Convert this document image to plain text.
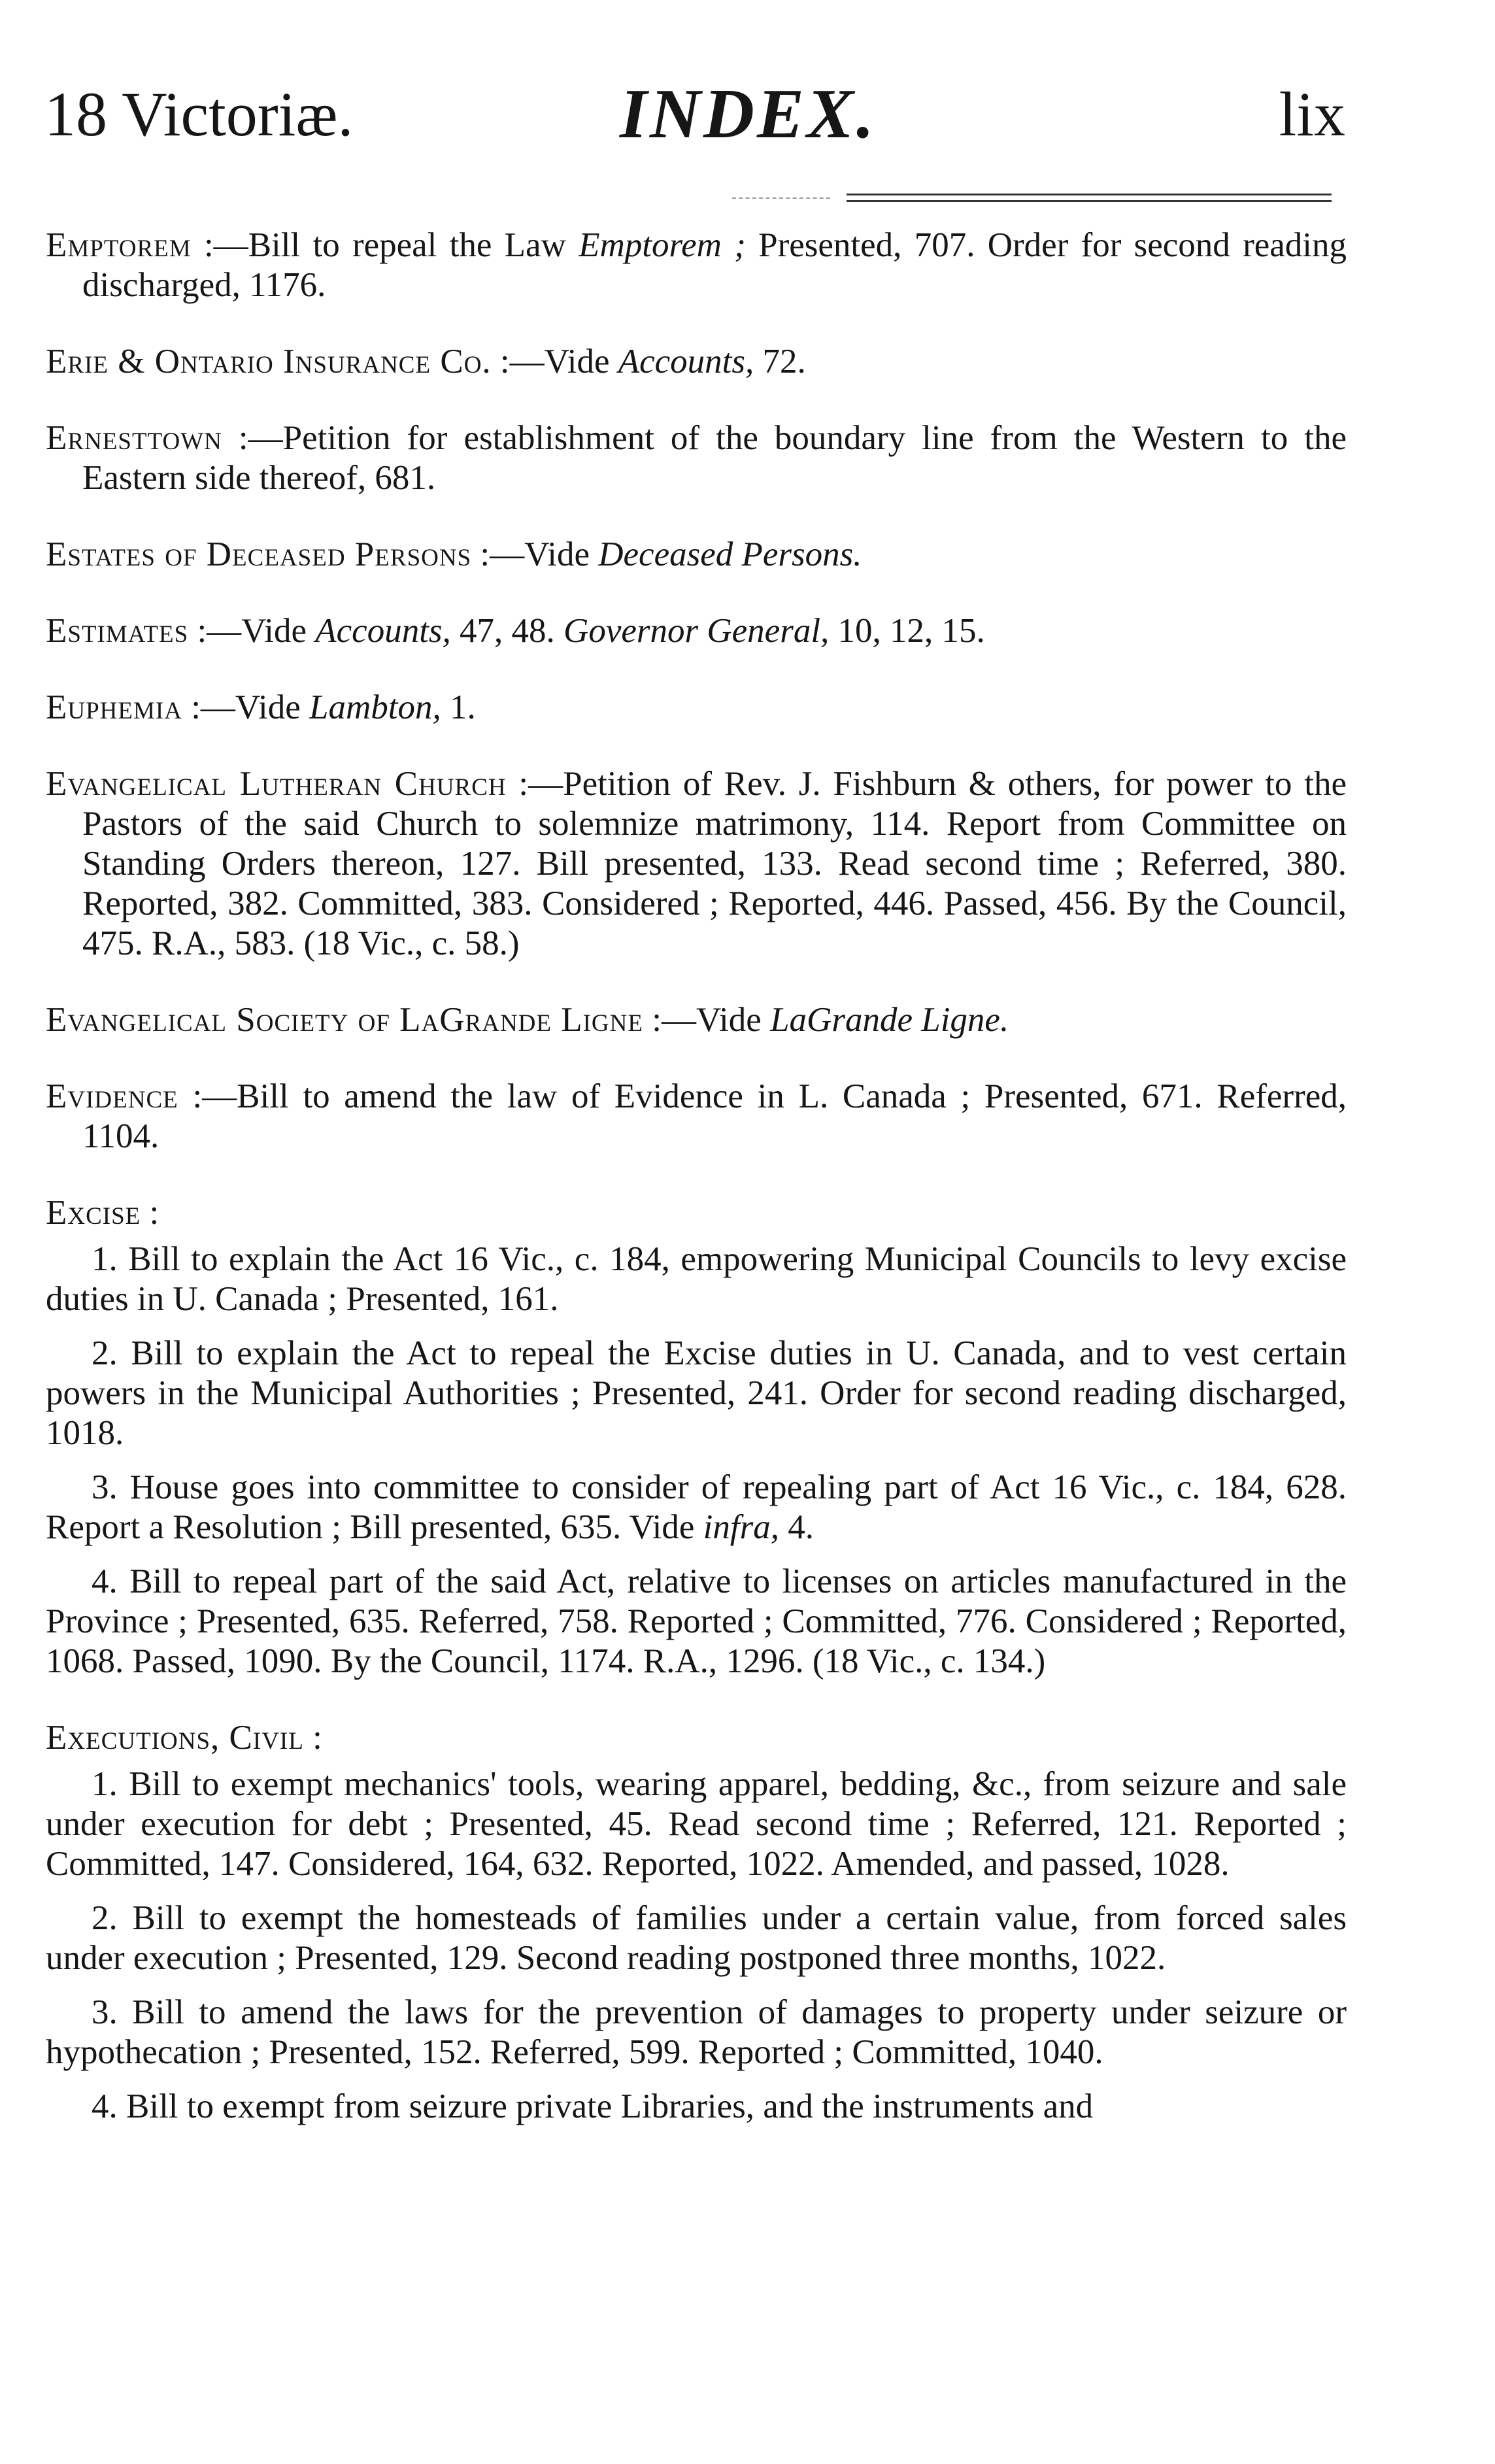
18 Victoriæ.	INDEX.	lix

Emptorem :—Bill to repeal the Law Emptorem ; Presented, 707. Order for second reading discharged, 1176.

Erie & Ontario Insurance Co. :—Vide Accounts, 72.

Ernesttown :—Petition for establishment of the boundary line from the Western to the Eastern side thereof, 681.

Estates of Deceased Persons :—Vide Deceased Persons.

Estimates :—Vide Accounts, 47, 48. Governor General, 10, 12, 15.

Euphemia :—Vide Lambton, 1.

Evangelical Lutheran Church :—Petition of Rev. J. Fishburn & others, for power to the Pastors of the said Church to solemnize matrimony, 114. Report from Committee on Standing Orders thereon, 127. Bill presented, 133. Read second time ; Referred, 380. Reported, 382. Committed, 383. Considered ; Reported, 446. Passed, 456. By the Council, 475. R.A., 583. (18 Vic., c. 58.)

Evangelical Society of LaGrande Ligne :—Vide LaGrande Ligne.

Evidence :—Bill to amend the law of Evidence in L. Canada ; Presented, 671. Referred, 1104.

Excise :

1. Bill to explain the Act 16 Vic., c. 184, empowering Municipal Councils to levy excise duties in U. Canada ; Presented, 161.

2. Bill to explain the Act to repeal the Excise duties in U. Canada, and to vest certain powers in the Municipal Authorities ; Presented, 241. Order for second reading discharged, 1018.

3. House goes into committee to consider of repealing part of Act 16 Vic., c. 184, 628. Report a Resolution ; Bill presented, 635. Vide infra, 4.

4. Bill to repeal part of the said Act, relative to licenses on articles manufactured in the Province ; Presented, 635. Referred, 758. Reported ; Committed, 776. Considered ; Reported, 1068. Passed, 1090. By the Council, 1174. R.A., 1296. (18 Vic., c. 134.)

Executions, Civil :

1. Bill to exempt mechanics' tools, wearing apparel, bedding, &c., from seizure and sale under execution for debt ; Presented, 45. Read second time ; Referred, 121. Reported ; Committed, 147. Considered, 164, 632. Reported, 1022. Amended, and passed, 1028.

2. Bill to exempt the homesteads of families under a certain value, from forced sales under execution ; Presented, 129. Second reading postponed three months, 1022.

3. Bill to amend the laws for the prevention of damages to property under seizure or hypothecation ; Presented, 152. Referred, 599. Reported ; Committed, 1040.

4. Bill to exempt from seizure private Libraries, and the instruments and
